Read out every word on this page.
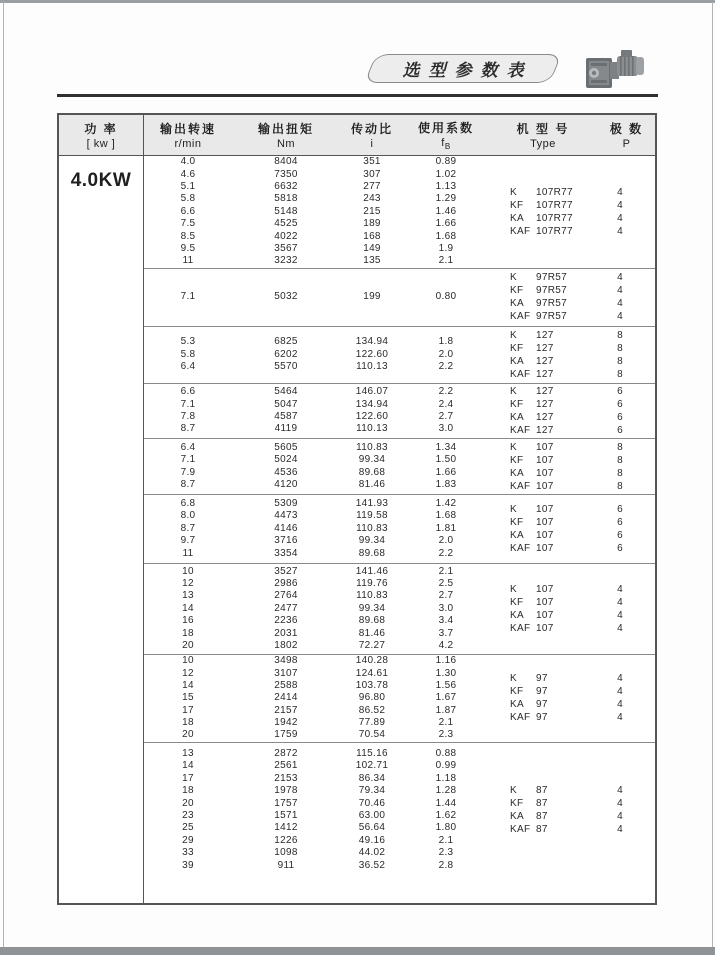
选型参数表
功 率
[ kw ]
输出转速
r/min
输出扭矩
Nm
传动比
i
使用系数
$f_B$
机 型 号
Type
极 数
P
4.0KW
4.0	8404	351	0.89
4.6	7350	307	1.02
5.1	6632	277	1.13
5.8	5818	243	1.29
6.6	5148	215	1.46
7.5	4525	189	1.66
8.5	4022	168	1.68
9.5	3567	149	1.9
11	3232	135	2.1
K	107R77	4
KF	107R77	4
KA	107R77	4
KAF 107R77	4
7.1	5032	199	0.80
K	97R57	4
KF	97R57	4
KA	97R57	4
KAF 97R57	4
5.3	6825	134.94	1.8
5.8	6202	122.60	2.0
6.4	5570	110.13	2.2
K	127	8
KF	127	8
KA	127	8
KAF 127	8
6.6	5464	146.07	2.2
7.1	5047	134.94	2.4
7.8	4587	122.60	2.7
8.7	4119	110.13	3.0
K	127	6
KF	127	6
KA	127	6
KAF 127	6
6.4	5605	110.83	1.34
7.1	5024	99.34	1.50
7.9	4536	89.68	1.66
8.7	4120	81.46	1.83
K	107	8
KF	107	8
KA	107	8
KAF 107	8
6.8	5309	141.93	1.42
8.0	4473	119.58	1.68
8.7	4146	110.83	1.81
9.7	3716	99.34	2.0
11	3354	89.68	2.2
K	107	6
KF	107	6
KA	107	6
KAF 107	6
10	3527	141.46	2.1
12	2986	119.76	2.5
13	2764	110.83	2.7
14	2477	99.34	3.0
16	2236	89.68	3.4
18	2031	81.46	3.7
20	1802	72.27	4.2
K	107	4
KF	107	4
KA	107	4
KAF 107	4
10	3498	140.28	1.16
12	3107	124.61	1.30
14	2588	103.78	1.56
15	2414	96.80	1.67
17	2157	86.52	1.87
18	1942	77.89	2.1
20	1759	70.54	2.3
K	97	4
KF	97	4
KA	97	4
KAF 97	4
13	2872	115.16	0.88
14	2561	102.71	0.99
17	2153	86.34	1.18
18	1978	79.34	1.28
20	1757	70.46	1.44
23	1571	63.00	1.62
25	1412	56.64	1.80
29	1226	49.16	2.1
33	1098	44.02	2.3
39	911	36.52	2.8
K	87	4
KF	87	4
KA	87	4
KAF 87	4
